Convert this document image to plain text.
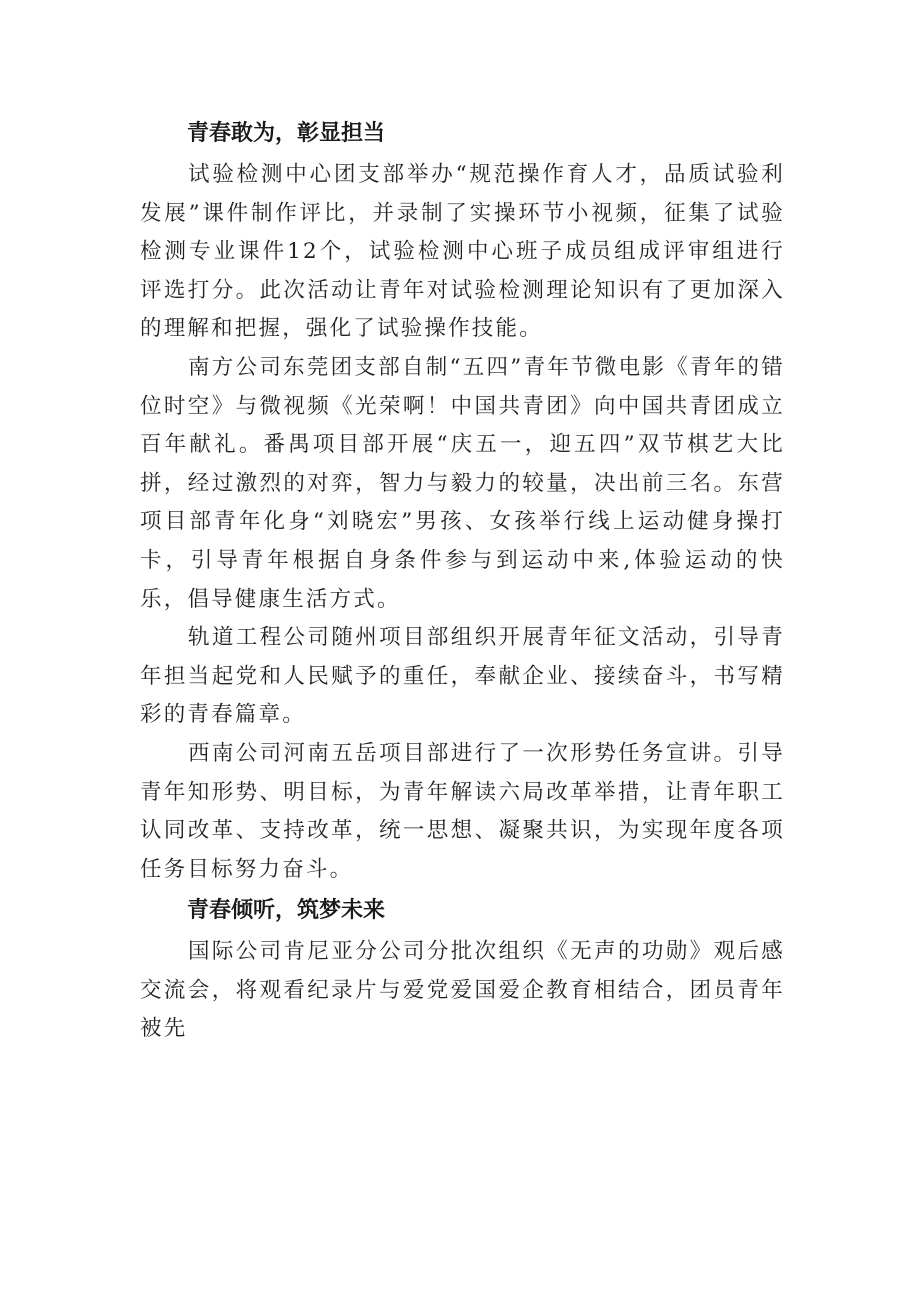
青春敢为，彰显担当

试验检测中心团支部举办“规范操作育人才，品质试验利发展”课件制作评比，并录制了实操环节小视频，征集了试验检测专业课件12个，试验检测中心班子成员组成评审组进行评选打分。此次活动让青年对试验检测理论知识有了更加深入的理解和把握，强化了试验操作技能。

南方公司东莞团支部自制“五四”青年节微电影《青年的错位时空》与微视频《光荣啊！中国共青团》向中国共青团成立百年献礼。番禺项目部开展“庆五一，迎五四”双节棋艺大比拼，经过激烈的对弈，智力与毅力的较量，决出前三名。东营项目部青年化身“刘晓宏”男孩、女孩举行线上运动健身操打卡，引导青年根据自身条件参与到运动中来,体验运动的快乐，倡导健康生活方式。

轨道工程公司随州项目部组织开展青年征文活动，引导青年担当起党和人民赋予的重任，奉献企业、接续奋斗，书写精彩的青春篇章。

西南公司河南五岳项目部进行了一次形势任务宣讲。引导青年知形势、明目标，为青年解读六局改革举措，让青年职工认同改革、支持改革，统一思想、凝聚共识，为实现年度各项任务目标努力奋斗。

青春倾听，筑梦未来

国际公司肯尼亚分公司分批次组织《无声的功勋》观后感交流会，将观看纪录片与爱党爱国爱企教育相结合，团员青年被先
